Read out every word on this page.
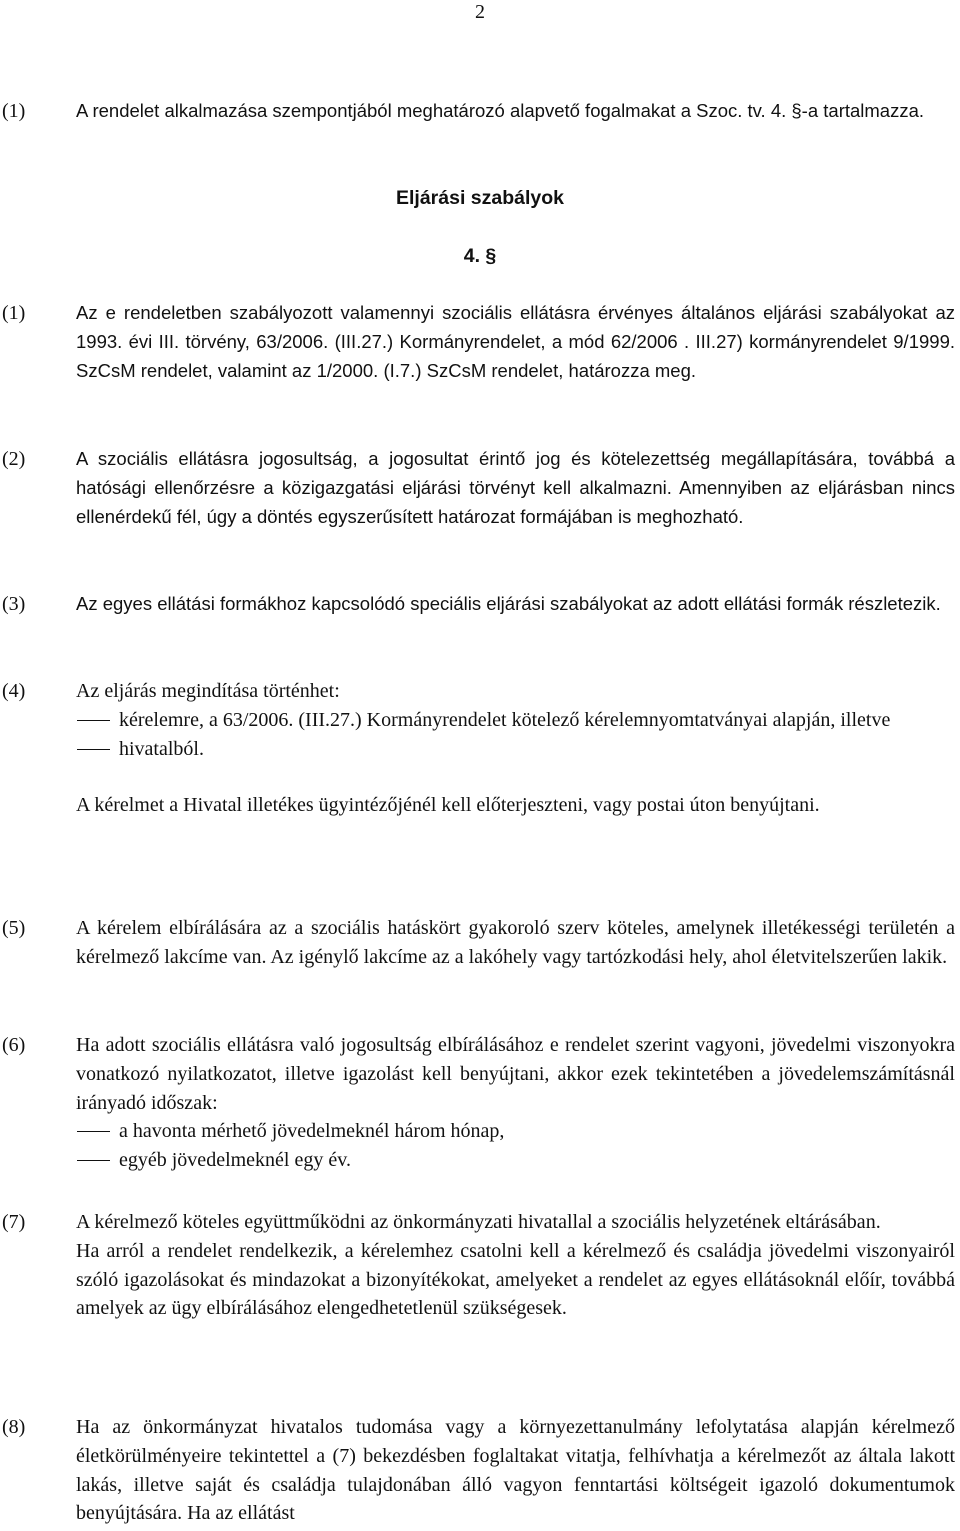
2
(1)	A rendelet alkalmazása szempontjából meghatározó alapvető fogalmakat a Szoc. tv. 4. §-a tartalmazza.
Eljárási szabályok
4. §
(1)	Az e rendeletben szabályozott valamennyi szociális ellátásra érvényes általános eljárási szabályokat az 1993. évi III. törvény, 63/2006. (III.27.) Kormányrendelet, a mód 62/2006 . III.27) kormányrendelet 9/1999. SzCsM rendelet, valamint az 1/2000. (I.7.) SzCsM rendelet, határozza meg.
(2)	A szociális ellátásra jogosultság, a jogosultat érintő jog és kötelezettség megállapítására, továbbá a hatósági ellenőrzésre a közigazgatási eljárási törvényt kell alkalmazni. Amennyiben az eljárásban nincs ellenérdekű fél, úgy a döntés egyszerűsített határozat formájában is meghozható.
(3)	Az egyes ellátási formákhoz kapcsolódó speciális eljárási szabályokat az adott ellátási formák részletezik.
(4)	Az eljárás megindítása történhet:
kérelemre, a 63/2006. (III.27.) Kormányrendelet kötelező kérelemnyomtatványai alapján, illetve
hivatalból.
A kérelmet a Hivatal illetékes ügyintézőjénél kell előterjeszteni, vagy postai úton benyújtani.
(5)	A kérelem elbírálására az a szociális hatáskört gyakoroló szerv köteles, amelynek illetékességi területén a kérelmező lakcíme van. Az igénylő lakcíme az a lakóhely vagy tartózkodási hely, ahol életvitelszerűen lakik.
(6)	Ha adott szociális ellátásra való jogosultság elbírálásához e rendelet szerint vagyoni, jövedelmi viszonyokra vonatkozó nyilatkozatot, illetve igazolást kell benyújtani, akkor ezek tekintetében a jövedelemszámításnál irányadó időszak:
a havonta mérhető jövedelmeknél három hónap,
egyéb jövedelmeknél egy év.
(7)	A kérelmező köteles együttműködni az önkormányzati hivatallal a szociális helyzetének eltárásában.
Ha arról a rendelet rendelkezik, a kérelemhez csatolni kell a kérelmező és családja jövedelmi viszonyairól szóló igazolásokat és mindazokat a bizonyítékokat, amelyeket a rendelet az egyes ellátásoknál előír, továbbá amelyek az ügy elbírálásához elengedhetetlenül szükségesek.
(8)	Ha az önkormányzat hivatalos tudomása vagy a környezettanulmány lefolytatása alapján kérelmező életkörülményeire tekintettel a (7) bekezdésben foglaltakat vitatja, felhívhatja a kérelmezőt az általa lakott lakás, illetve saját és családja tulajdonában álló vagyon fenntartási költségeit igazoló dokumentumok benyújtására. Ha az ellátást
